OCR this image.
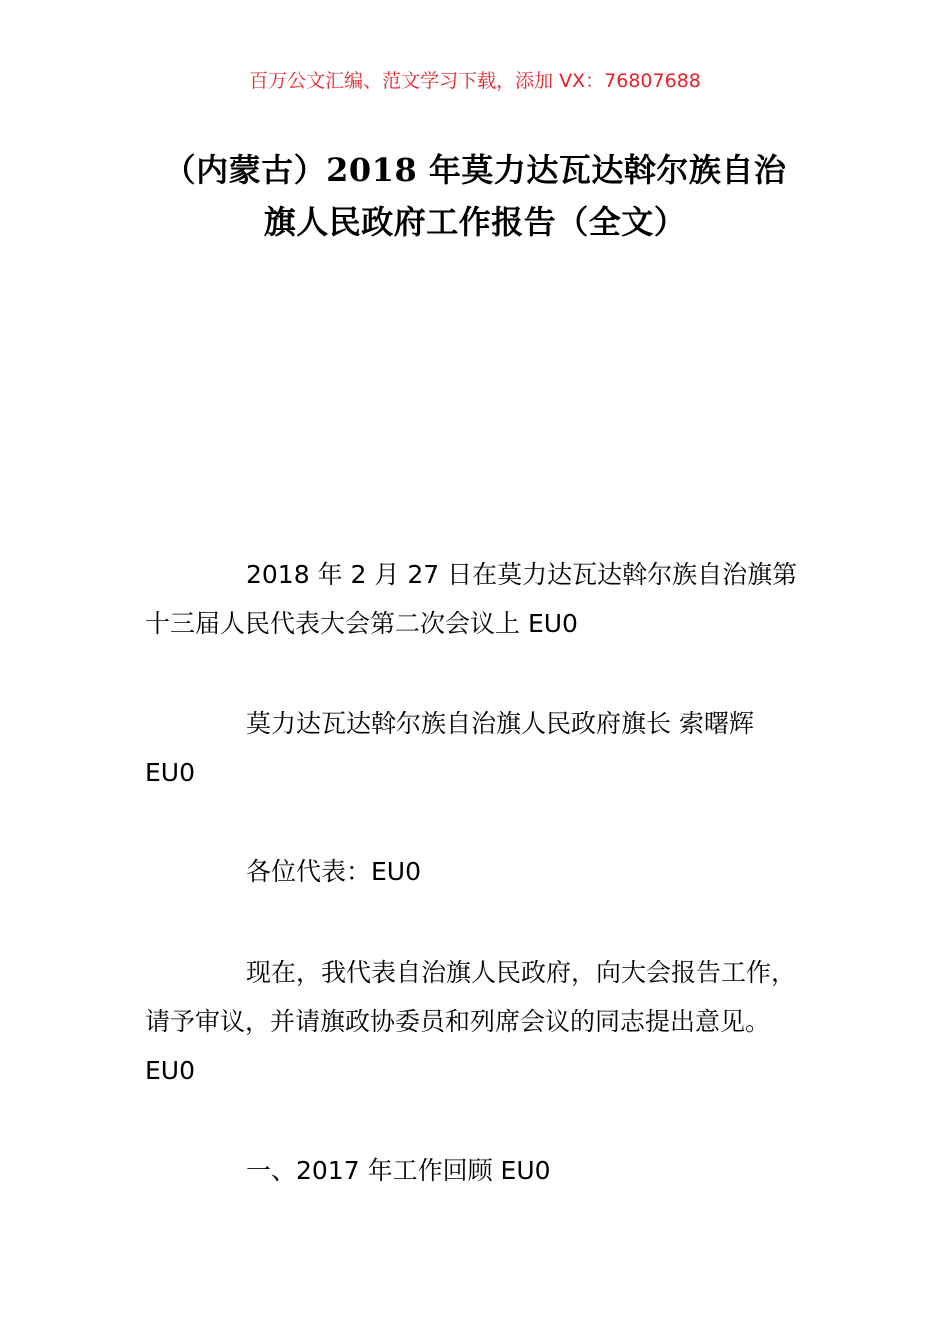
百万公文汇编、范文学习下载，添加 VX：76807688
（内蒙古）2018 年莫力达瓦达斡尔族自治
旗人民政府工作报告（全文）

2018 年 2 月 27 日在莫力达瓦达斡尔族自治旗第
十三届人民代表大会第二次会议上 EU0

莫力达瓦达斡尔族自治旗人民政府旗长 索曙辉
EU0

各位代表：EU0

现在，我代表自治旗人民政府，向大会报告工作，
请予审议，并请旗政协委员和列席会议的同志提出意见。
EU0

一、2017 年工作回顾 EU0
